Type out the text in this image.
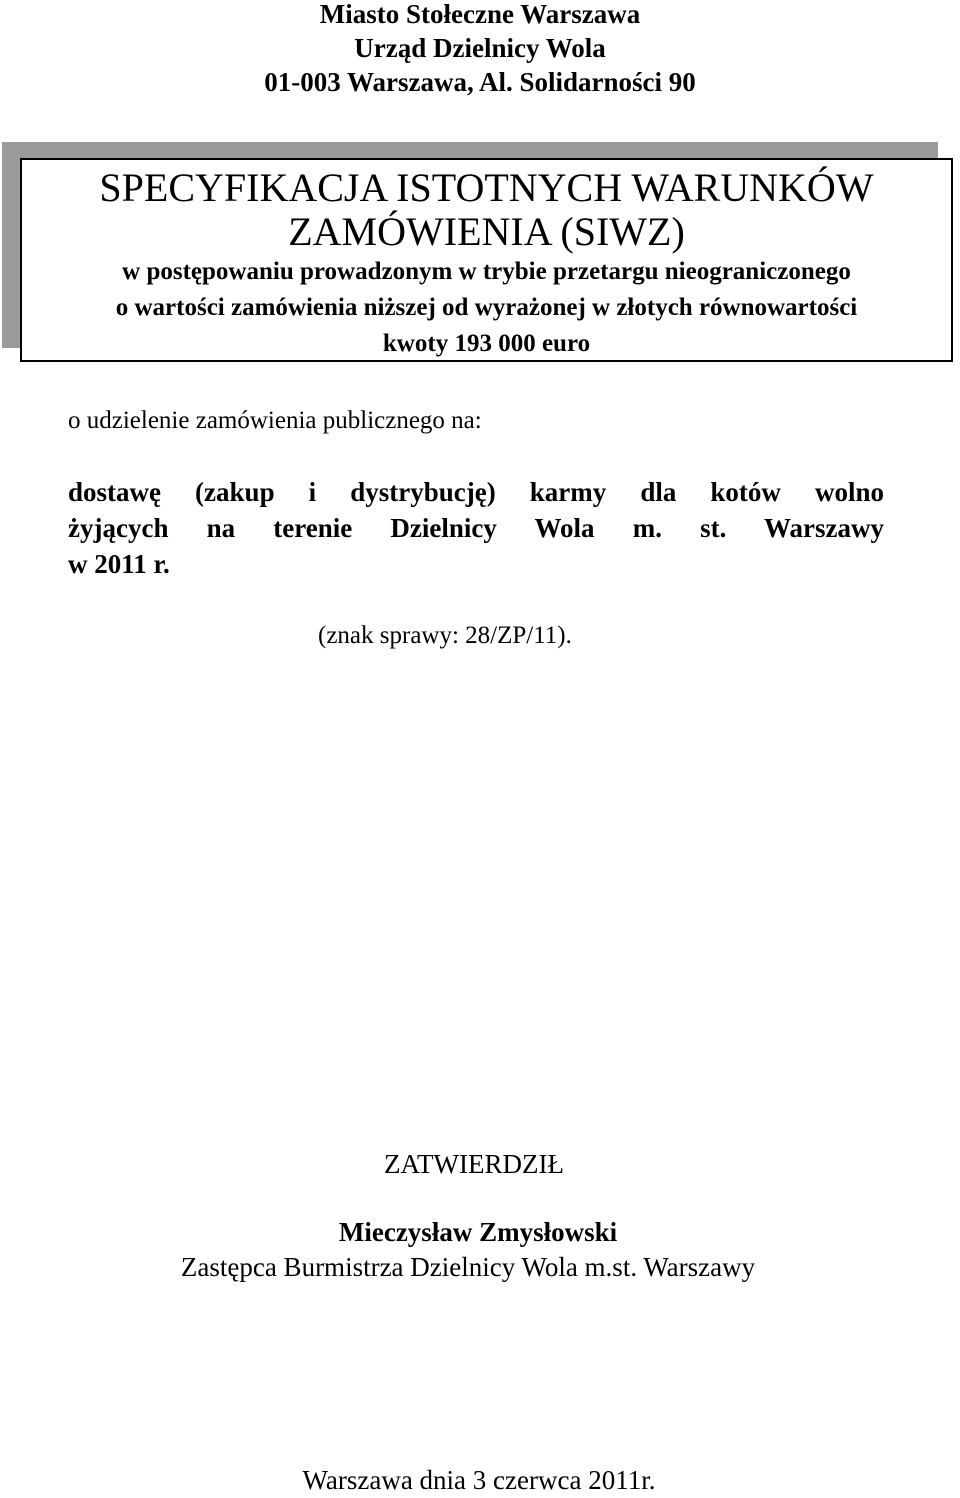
Miasto Stołeczne Warszawa
Urząd Dzielnicy Wola
01-003 Warszawa, Al. Solidarności 90
SPECYFIKACJA ISTOTNYCH WARUNKÓW
ZAMÓWIENIA (SIWZ)
w postępowaniu prowadzonym w trybie przetargu nieograniczonego
o wartości zamówienia niższej od wyrażonej w złotych równowartości
kwoty 193 000 euro
o udzielenie zamówienia publicznego na:
dostawę (zakup i dystrybucję) karmy dla kotów wolno
żyjących na terenie Dzielnicy Wola m. st. Warszawy
w 2011 r.
(znak sprawy: 28/ZP/11).
ZATWIERDZIŁ
Mieczysław Zmysłowski
Zastępca Burmistrza Dzielnicy Wola m.st. Warszawy
Warszawa dnia 3 czerwca 2011r.
